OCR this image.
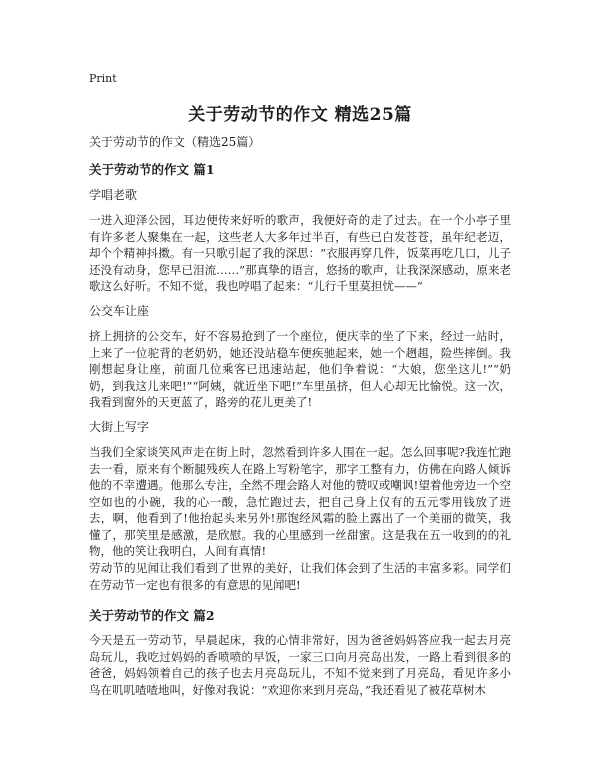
Print
关于劳动节的作文 精选25篇
关于劳动节的作文（精选25篇）
关于劳动节的作文 篇1
学唱老歌
一进入迎泽公园，耳边便传来好听的歌声，我便好奇的走了过去。在一个小亭子里有许多老人聚集在一起，这些老人大多年过半百，有些已白发苍苍，虽年纪老迈，却个个精神抖擞。有一只歌引起了我的深思：“衣服再穿几件，饭菜再吃几口，儿子还没有动身，您早已泪流……”那真挚的语言，悠扬的歌声，让我深深感动，原来老歌这么好听。不知不觉，我也哼唱了起来：“儿行千里莫担忧——”
公交车让座
挤上拥挤的公交车，好不容易抢到了一个座位，便庆幸的坐了下来，经过一站时，上来了一位驼背的老奶奶，她还没站稳车便疾驰起来，她一个趔趄，险些摔倒。我刚想起身让座，前面几位乘客已迅速站起，他们争着说：“大娘，您坐这儿!”“奶奶，到我这儿来吧!”“阿姨，就近坐下吧!”车里虽挤，但人心却无比愉悦。这一次，我看到窗外的天更蓝了，路旁的花儿更美了!
大街上写字
当我们全家谈笑风声走在街上时，忽然看到许多人围在一起。怎么回事呢?我连忙跑去一看，原来有个断腿残疾人在路上写粉笔字，那字工整有力，仿佛在向路人倾诉他的不幸遭遇。他那么专注，全然不理会路人对他的赞叹或嘲讽!望着他旁边一个空空如也的小碗，我的心一酸，急忙跑过去，把自己身上仅有的五元零用钱放了进去，啊，他看到了!他抬起头来另外!那饱经风霜的脸上露出了一个美丽的微笑，我懂了，那笑里是感激，是欣慰。我的心里感到一丝甜蜜。这是我在五一收到的的礼物，他的笑让我明白，人间有真情!
劳动节的见闻让我们看到了世界的美好，让我们体会到了生活的丰富多彩。同学们在劳动节一定也有很多的有意思的见闻吧!
关于劳动节的作文 篇2
今天是五一劳动节，早晨起床，我的心情非常好，因为爸爸妈妈答应我一起去月亮岛玩儿，我吃过妈妈的香喷喷的早饭，一家三口向月亮岛出发，一路上看到很多的爸爸，妈妈领着自己的孩子也去月亮岛玩儿，不知不觉来到了月亮岛，看见许多小鸟在叽叽喳喳地叫，好像对我说：“欢迎你来到月亮岛，”我还看见了被花草树木
